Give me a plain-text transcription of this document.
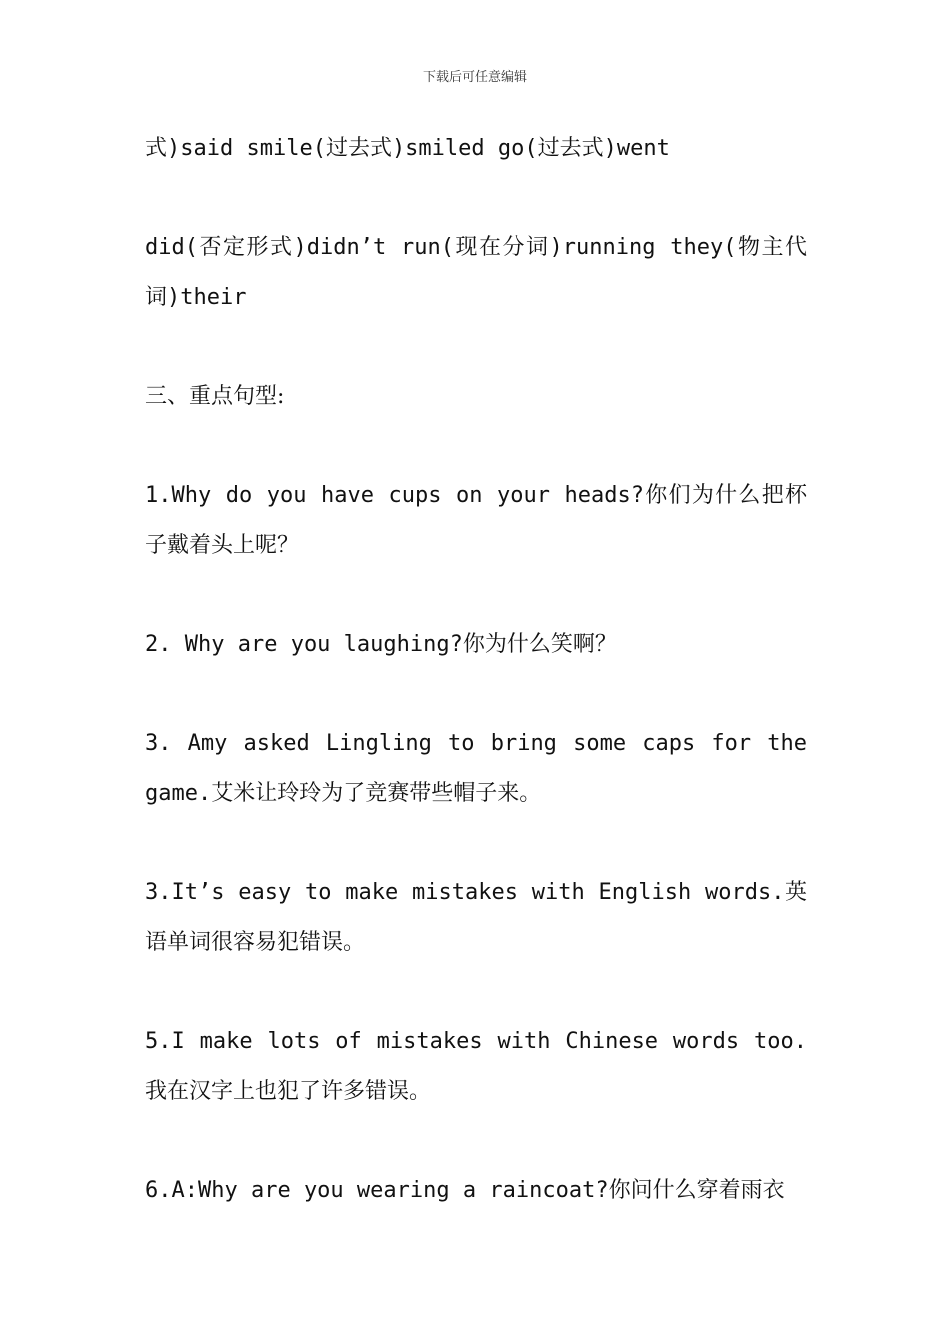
下载后可任意编辑

式)said smile(过去式)smiled go(过去式)went

did(否定形式)didn’t run(现在分词)running they(物主代词)their

三、重点句型:

1.Why do you have cups on your heads?你们为什么把杯子戴着头上呢？

2. Why are you laughing?你为什么笑啊？

3. Amy asked Lingling to bring some caps for the game.艾米让玲玲为了竞赛带些帽子来。

3.It’s easy to make mistakes with English words.英语单词很容易犯错误。

5.I make lots of mistakes with Chinese words too.我在汉字上也犯了许多错误。

6.A:Why are you wearing a raincoat?你问什么穿着雨衣
